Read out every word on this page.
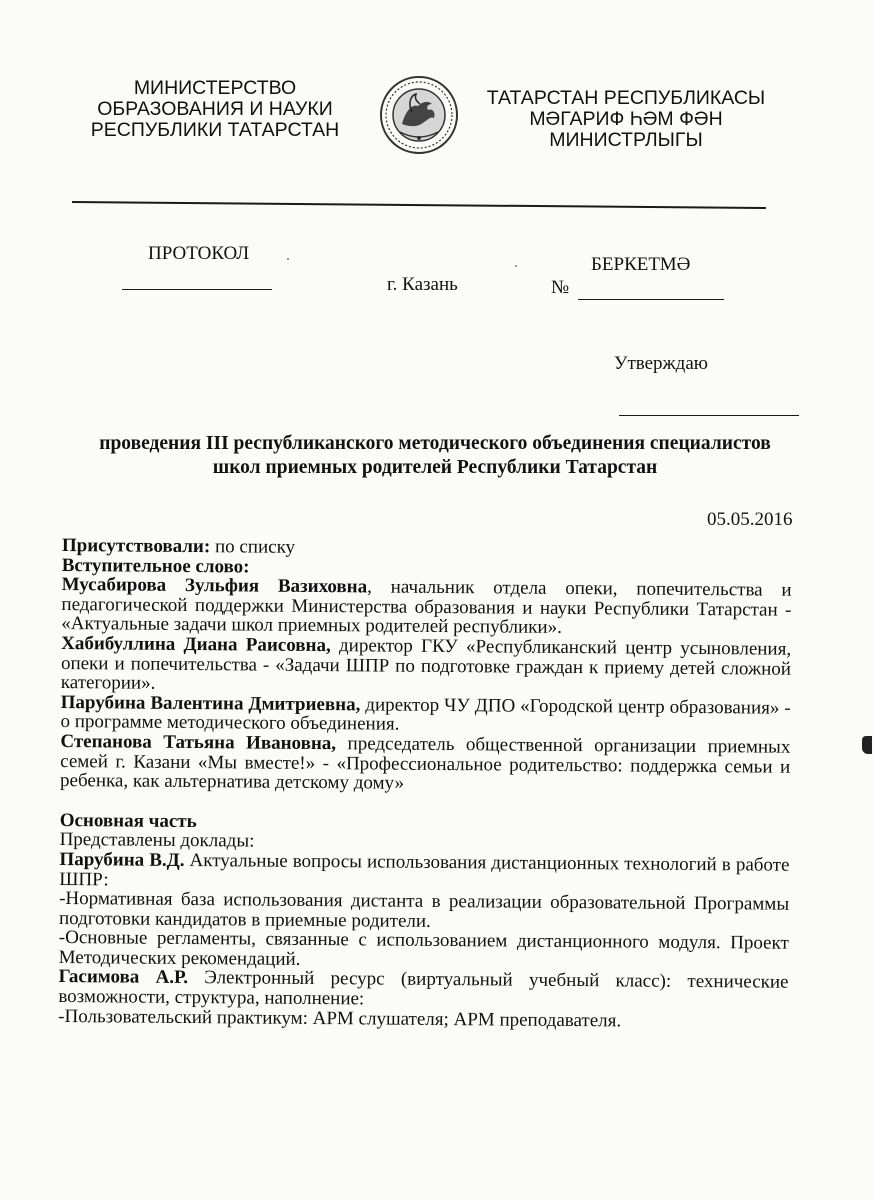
МИНИСТЕРСТВО
ОБРАЗОВАНИЯ И НАУКИ
РЕСПУБЛИКИ ТАТАРСТАН
ТАТАРСТАН РЕСПУБЛИКАСЫ
МӘГАРИФ ҺӘМ ФӘН
МИНИСТРЛЫГЫ
ПРОТОКОЛ
г. Казань
БЕРКЕТМӘ
№
Утверждаю
проведения III республиканского методического объединения специалистов
школ приемных родителей Республики Татарстан
05.05.2016

Присутствовали: по списку

Вступительное слово:

Мусабирова Зульфия Вазиховна, начальник отдела опеки, попечительства и педагогической поддержки Министерства образования и науки Республики Татарстан - «Актуальные задачи школ приемных родителей республики».

Хабибуллина Диана Раисовна, директор ГКУ «Республиканский центр усыновления, опеки и попечительства - «Задачи ШПР по подготовке граждан к приему детей сложной категории».

Парубина Валентина Дмитриевна, директор ЧУ ДПО «Городской центр образования» - о программе методического объединения.

Степанова Татьяна Ивановна, председатель общественной организации приемных семей г. Казани «Мы вместе!» - «Профессиональное родительство: поддержка семьи и ребенка, как альтернатива детскому дому»

Основная часть

Представлены доклады:

Парубина В.Д. Актуальные вопросы использования дистанционных технологий в работе ШПР:

-Нормативная база использования дистанта в реализации образовательной Программы подготовки кандидатов в приемные родители.

-Основные регламенты, связанные с использованием дистанционного модуля. Проект Методических рекомендаций.

Гасимова А.Р. Электронный ресурс (виртуальный учебный класс): технические возможности, структура, наполнение:

-Пользовательский практикум: АРМ слушателя; АРМ преподавателя.
